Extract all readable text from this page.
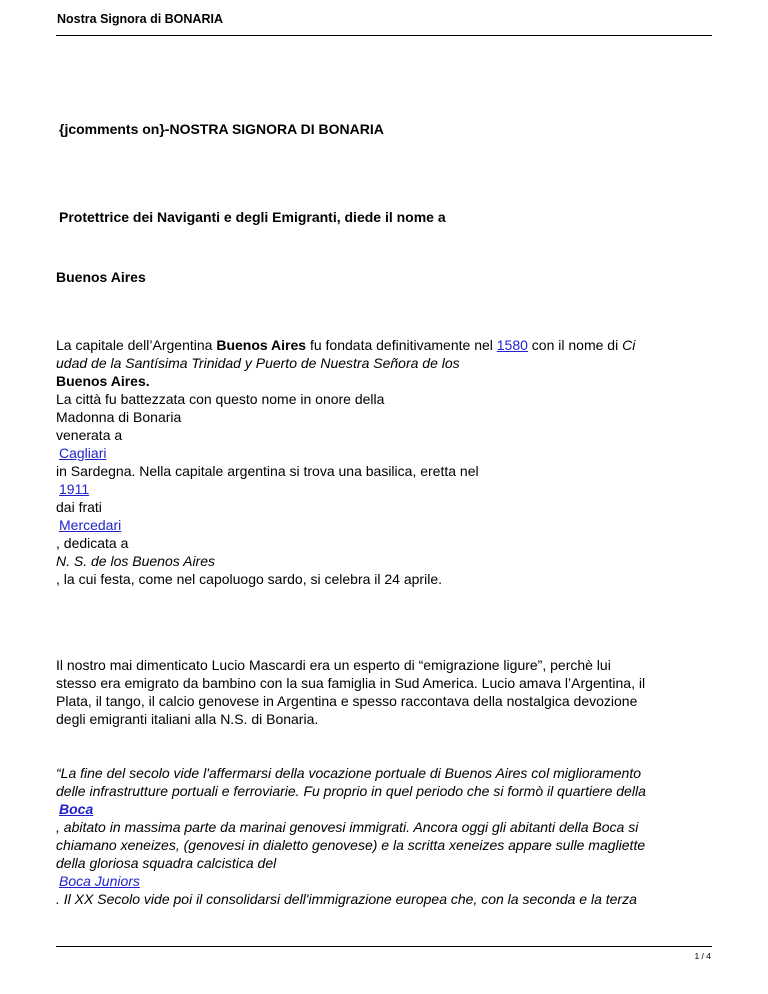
Nostra Signora di BONARIA
{jcomments on}-NOSTRA SIGNORA DI BONARIA
Protettrice dei Naviganti e degli Emigranti, diede il nome a
Buenos Aires

La capitale dell’Argentina Buenos Aires fu fondata definitivamente nel 1580 con il nome di Ci

udad de la Santísima Trinidad y Puerto de Nuestra Señora de los

Buenos Aires.

La città fu battezzata con questo nome in onore della

Madonna di Bonaria

venerata a

Cagliari

in Sardegna. Nella capitale argentina si trova una basilica, eretta nel

1911

dai frati

Mercedari

, dedicata a

N. S. de los Buenos Aires

, la cui festa, come nel capoluogo sardo, si celebra il 24 aprile.

Il nostro mai dimenticato Lucio Mascardi era un esperto di “emigrazione ligure”, perchè lui

stesso era emigrato da bambino con la sua famiglia in Sud America. Lucio amava l’Argentina, il

Plata, il tango, il calcio genovese in Argentina e spesso raccontava della nostalgica devozione

degli emigranti italiani alla N.S. di Bonaria.

“La fine del secolo vide l'affermarsi della vocazione portuale di Buenos Aires col miglioramento

delle infrastrutture portuali e ferroviarie. Fu proprio in quel periodo che si formò il quartiere della

Boca

, abitato in massima parte da marinai genovesi immigrati. Ancora oggi gli abitanti della Boca si

chiamano xeneizes, (genovesi in dialetto genovese) e la scritta xeneizes appare sulle magliette

della gloriosa squadra calcistica del

Boca Juniors

. Il XX Secolo vide poi il consolidarsi dell'immigrazione europea che, con la seconda e la terza

1 / 4
